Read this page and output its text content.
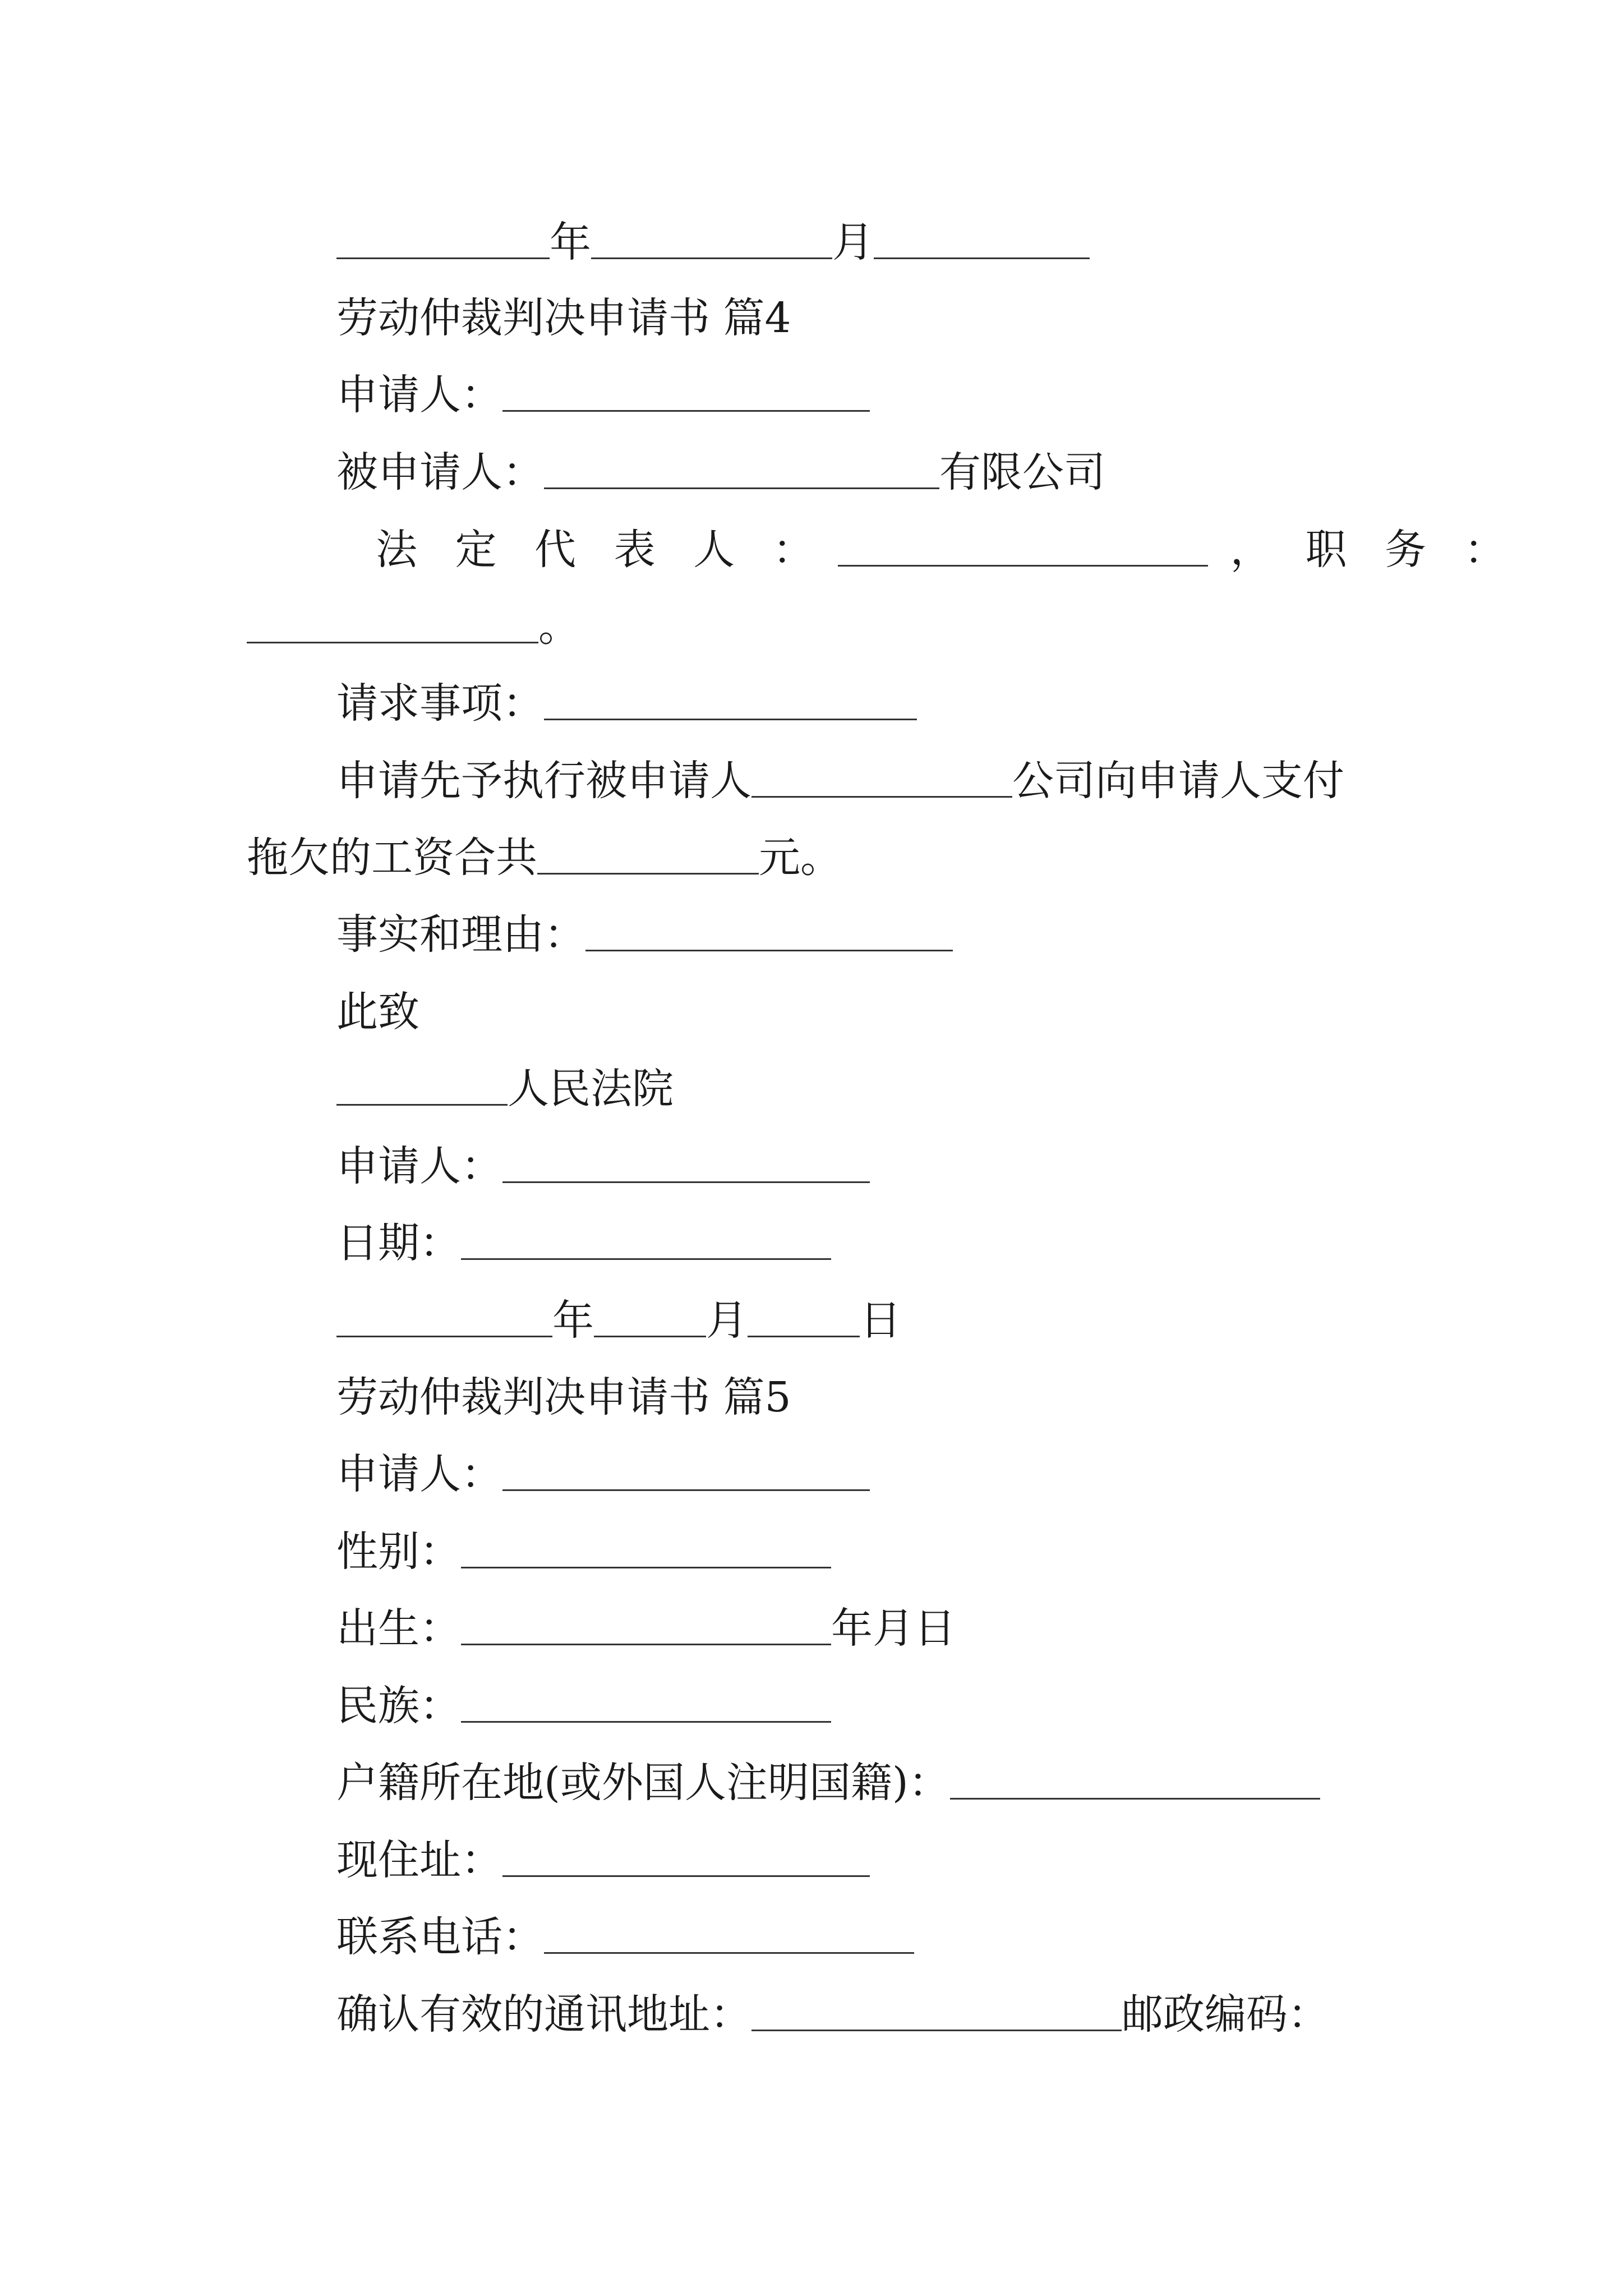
年	月
劳动仲裁判决申请书 篇4
申请人：
被申请人：	有限公司
法 定 代 表 人 ：	， 职 务 ：
。
请求事项：
申请先予执行被申请人	公司向申请人支付
拖欠的工资合共	元。
事实和理由：
此致
人民法院
申请人：
日期：
年	月	日
劳动仲裁判决申请书 篇5
申请人：
性别：
出生：	年月日
民族：
户籍所在地(或外国人注明国籍)：
现住址：
联系电话：
确认有效的通讯地址：	邮政编码：
